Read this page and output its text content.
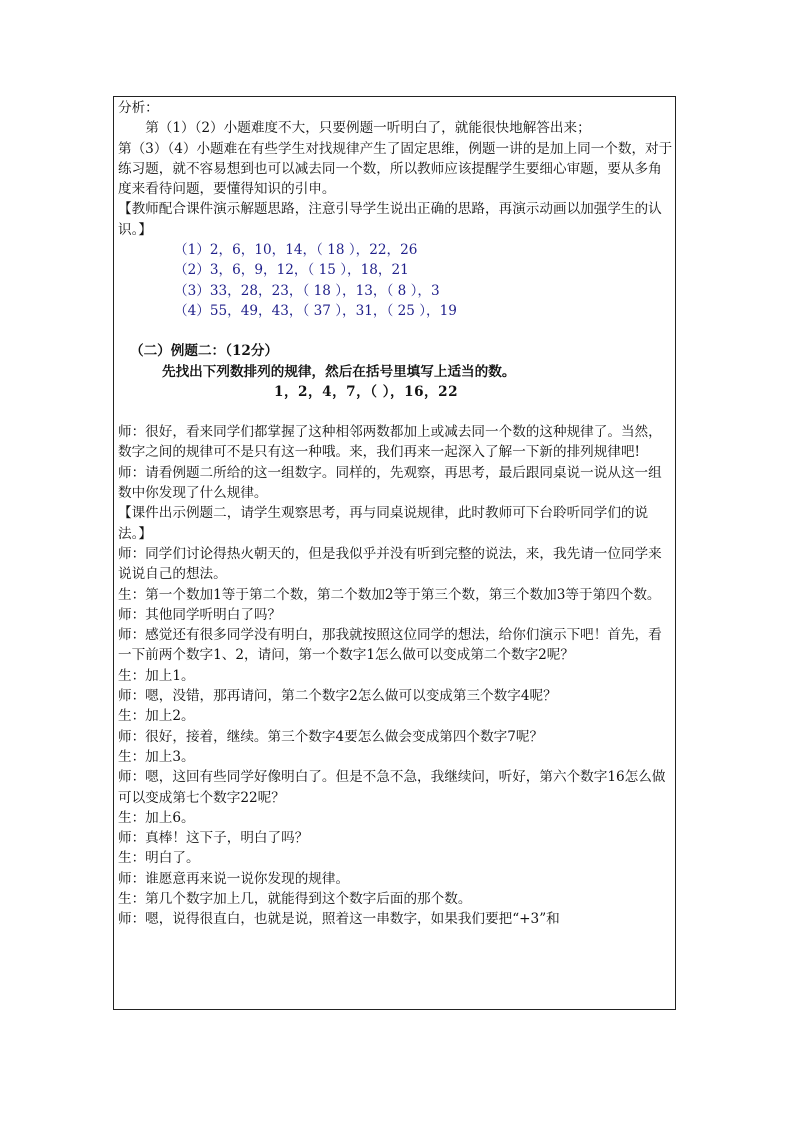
分析：

第（1）（2）小题难度不大，只要例题一听明白了，就能很快地解答出来；

第（3）（4）小题难在有些学生对找规律产生了固定思维，例题一讲的是加上同一个数，对于练习题，就不容易想到也可以减去同一个数，所以教师应该提醒学生要细心审题，要从多角度来看待问题，要懂得知识的引申。

【教师配合课件演示解题思路，注意引导学生说出正确的思路，再演示动画以加强学生的认识。】

（1）2，6，10，14，（ 18 ），22，26

（2）3，6，9，12，（ 15 ），18，21

（3）33，28，23，（ 18 ），13，（ 8 ），3

（4）55，49，43，（ 37 ），31，（ 25 ），19

（二）例题二：（12分）

先找出下列数排列的规律，然后在括号里填写上适当的数。

1，2，4，7，（ ），16，22

师：很好，看来同学们都掌握了这种相邻两数都加上或减去同一个数的这种规律了。当然，数字之间的规律可不是只有这一种哦。来，我们再来一起深入了解一下新的排列规律吧!

师：请看例题二所给的这一组数字。同样的，先观察，再思考，最后跟同桌说一说从这一组数中你发现了什么规律。

【课件出示例题二，请学生观察思考，再与同桌说规律，此时教师可下台聆听同学们的说法。】

师：同学们讨论得热火朝天的，但是我似乎并没有听到完整的说法，来，我先请一位同学来说说自己的想法。

生：第一个数加1等于第二个数，第二个数加2等于第三个数，第三个数加3等于第四个数。

师：其他同学听明白了吗？

师：感觉还有很多同学没有明白，那我就按照这位同学的想法，给你们演示下吧！首先，看一下前两个数字1、2，请问，第一个数字1怎么做可以变成第二个数字2呢？

生：加上1。

师：嗯，没错，那再请问，第二个数字2怎么做可以变成第三个数字4呢？

生：加上2。

师：很好，接着，继续。第三个数字4要怎么做会变成第四个数字7呢？

生：加上3。

师：嗯，这回有些同学好像明白了。但是不急不急，我继续问，听好，第六个数字16怎么做可以变成第七个数字22呢？

生：加上6。

师：真棒！这下子，明白了吗？

生：明白了。

师：谁愿意再来说一说你发现的规律。

生：第几个数字加上几，就能得到这个数字后面的那个数。

师：嗯，说得很直白，也就是说，照着这一串数字，如果我们要把“+3”和
